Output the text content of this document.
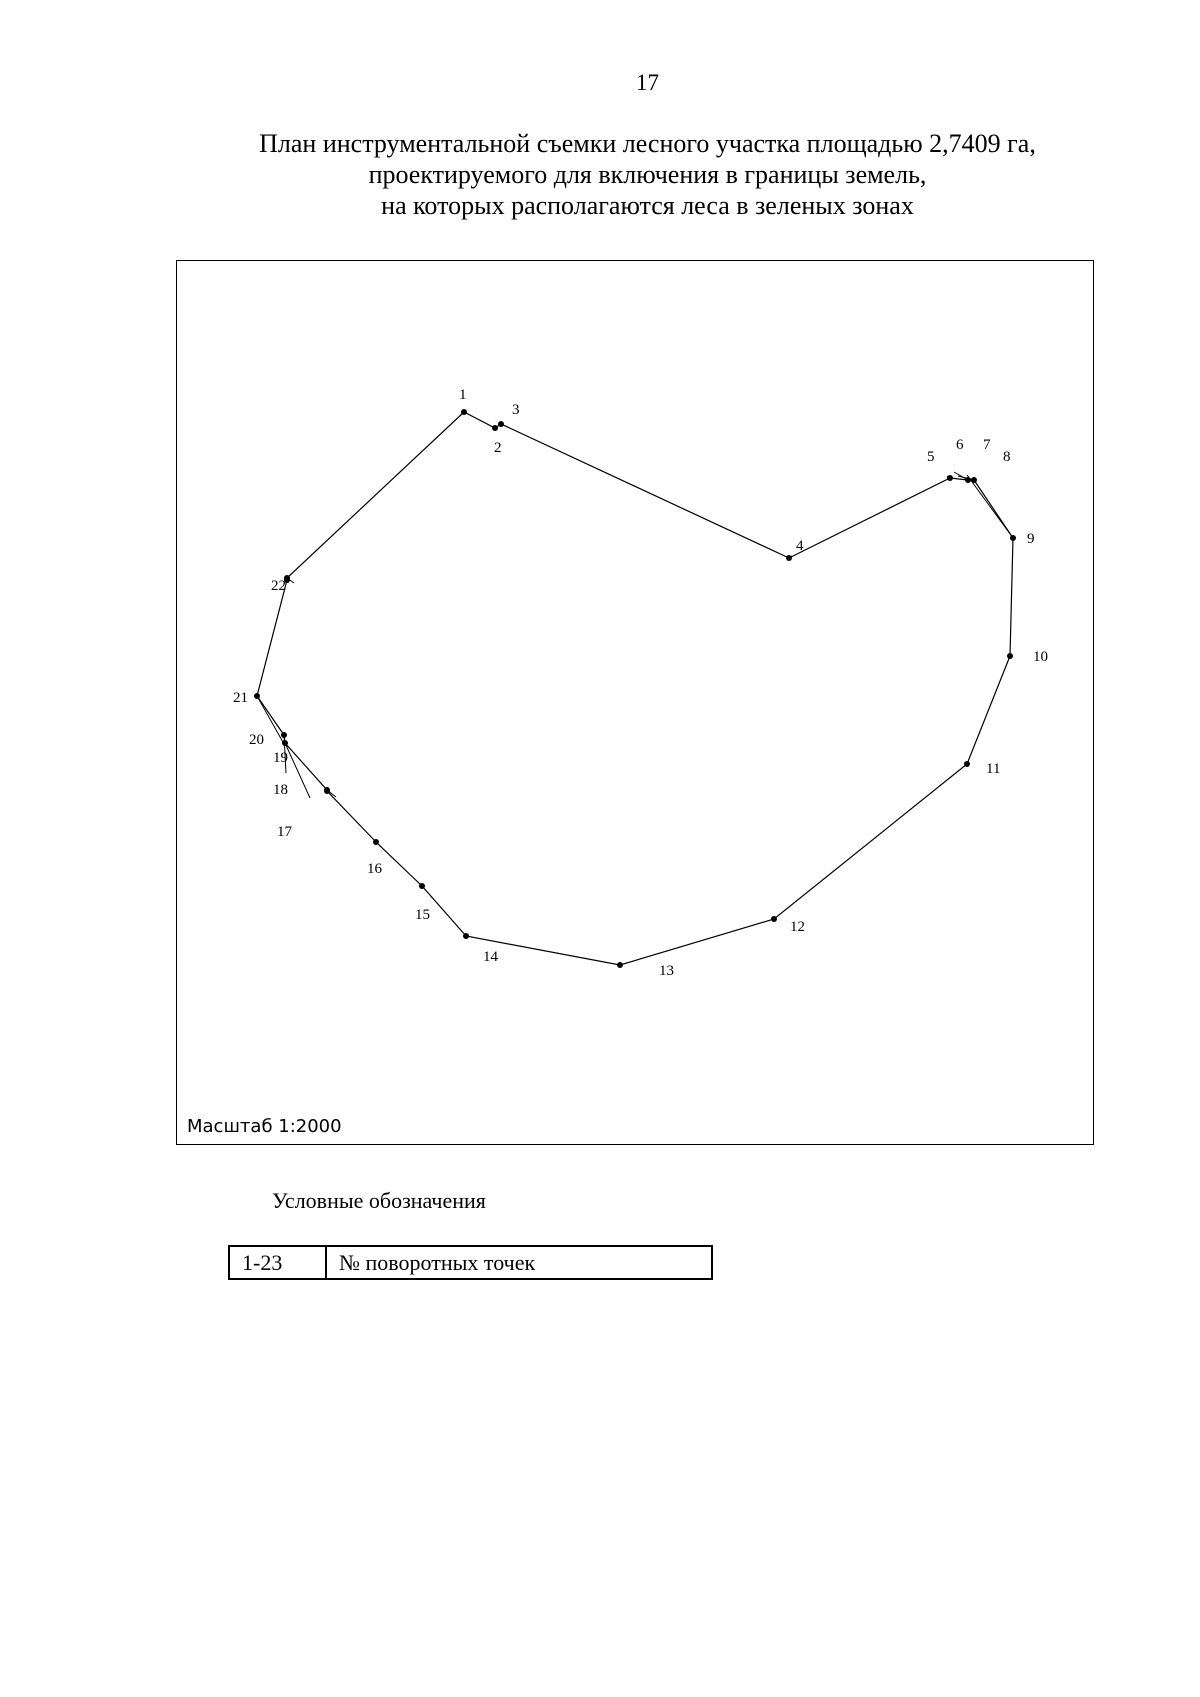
17
План инструментальной съемки лесного участка площадью 2,7409 га,
проектируемого для включения в границы земель,
на которых располагаются леса в зеленых зонах
1
2
3
4
5
6 7
8
9
10
11
12
13
14
15
16
17
18
19
20
21
22
Масштаб 1:2000
Условные обозначения
1-23	№ поворотных точек
